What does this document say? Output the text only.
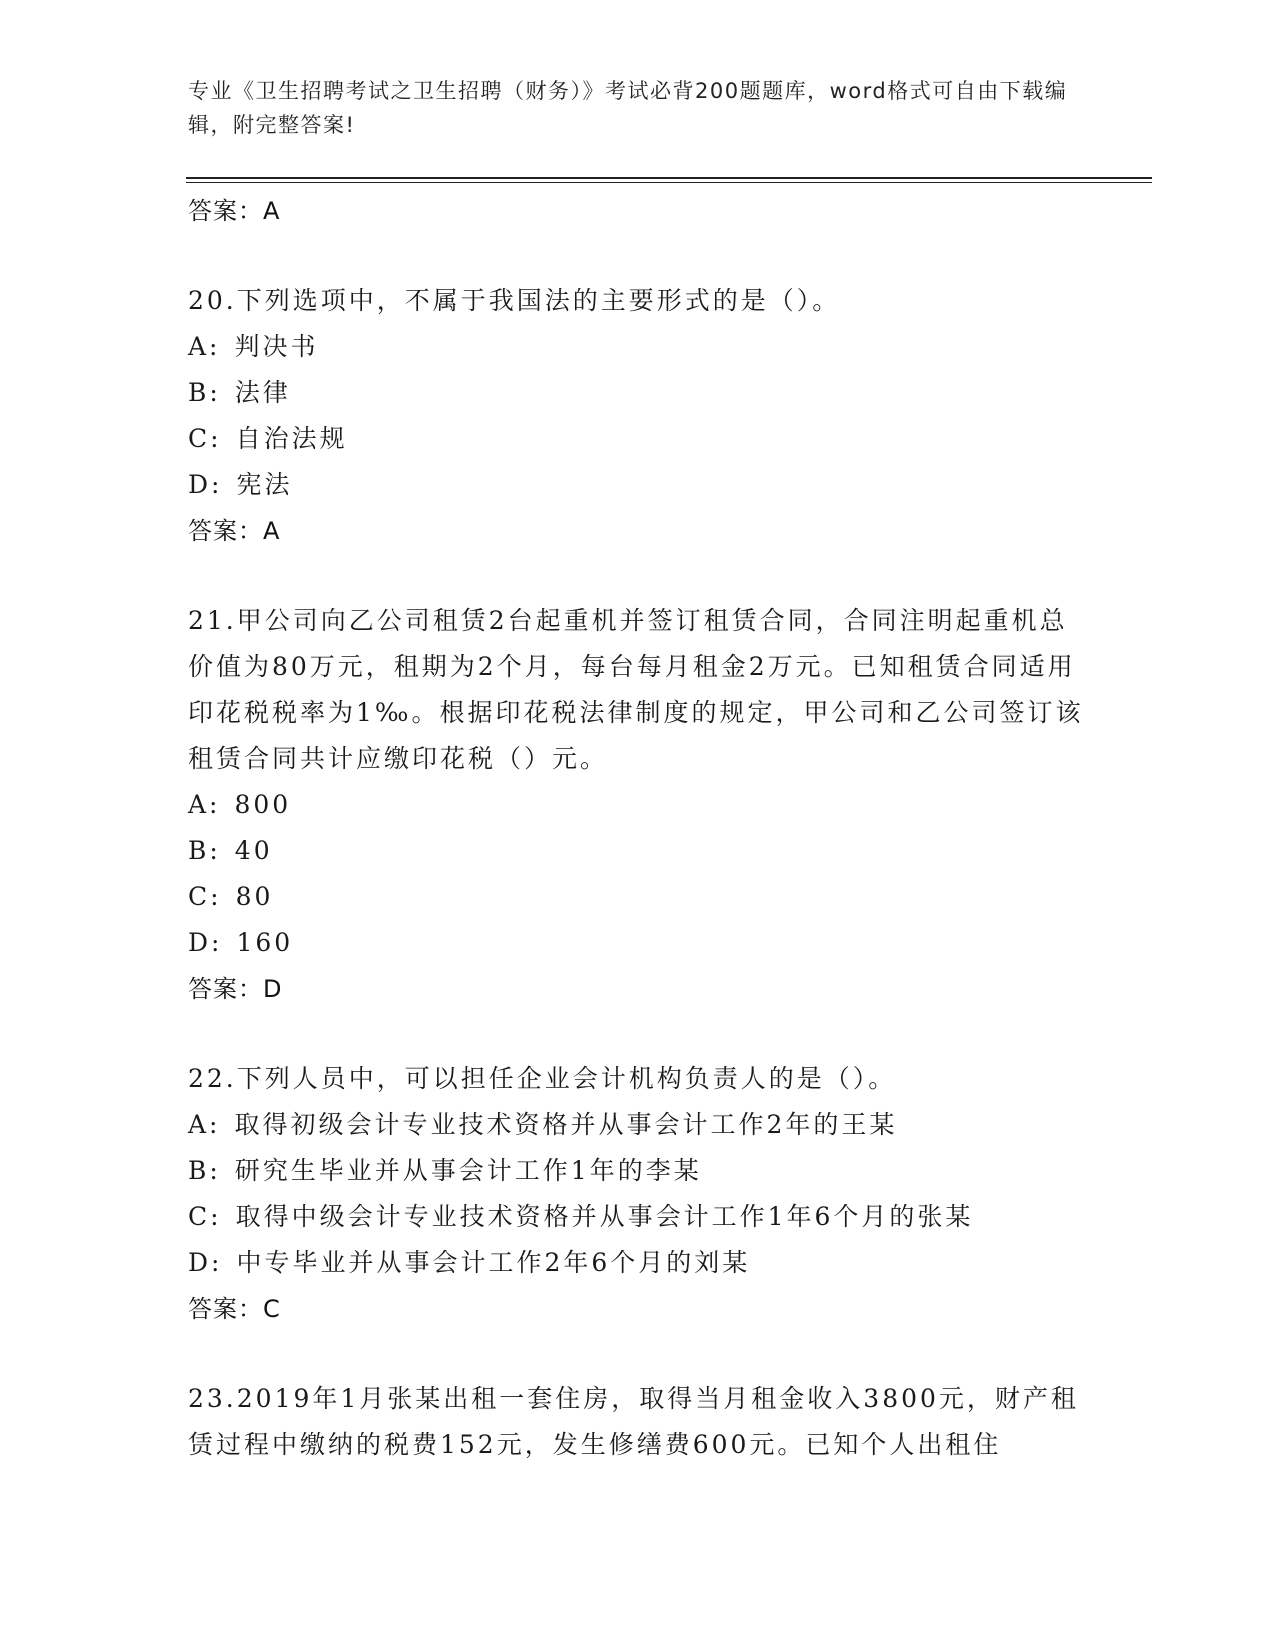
专业《卫生招聘考试之卫生招聘（财务）》考试必背200题题库，word格式可自由下载编辑，附完整答案!
答案：A
20.下列选项中，不属于我国法的主要形式的是（）。
A: 判决书
B: 法律
C: 自治法规
D: 宪法
答案：A
21.甲公司向乙公司租赁2台起重机并签订租赁合同，合同注明起重机总价值为80万元，租期为2个月，每台每月租金2万元。已知租赁合同适用印花税税率为1‰。根据印花税法律制度的规定，甲公司和乙公司签订该租赁合同共计应缴印花税（）元。
A: 800
B: 40
C: 80
D: 160
答案：D
22.下列人员中，可以担任企业会计机构负责人的是（）。
A: 取得初级会计专业技术资格并从事会计工作2年的王某
B: 研究生毕业并从事会计工作1年的李某
C: 取得中级会计专业技术资格并从事会计工作1年6个月的张某
D: 中专毕业并从事会计工作2年6个月的刘某
答案：C
23.2019年1月张某出租一套住房，取得当月租金收入3800元，财产租赁过程中缴纳的税费152元，发生修缮费600元。已知个人出租住
